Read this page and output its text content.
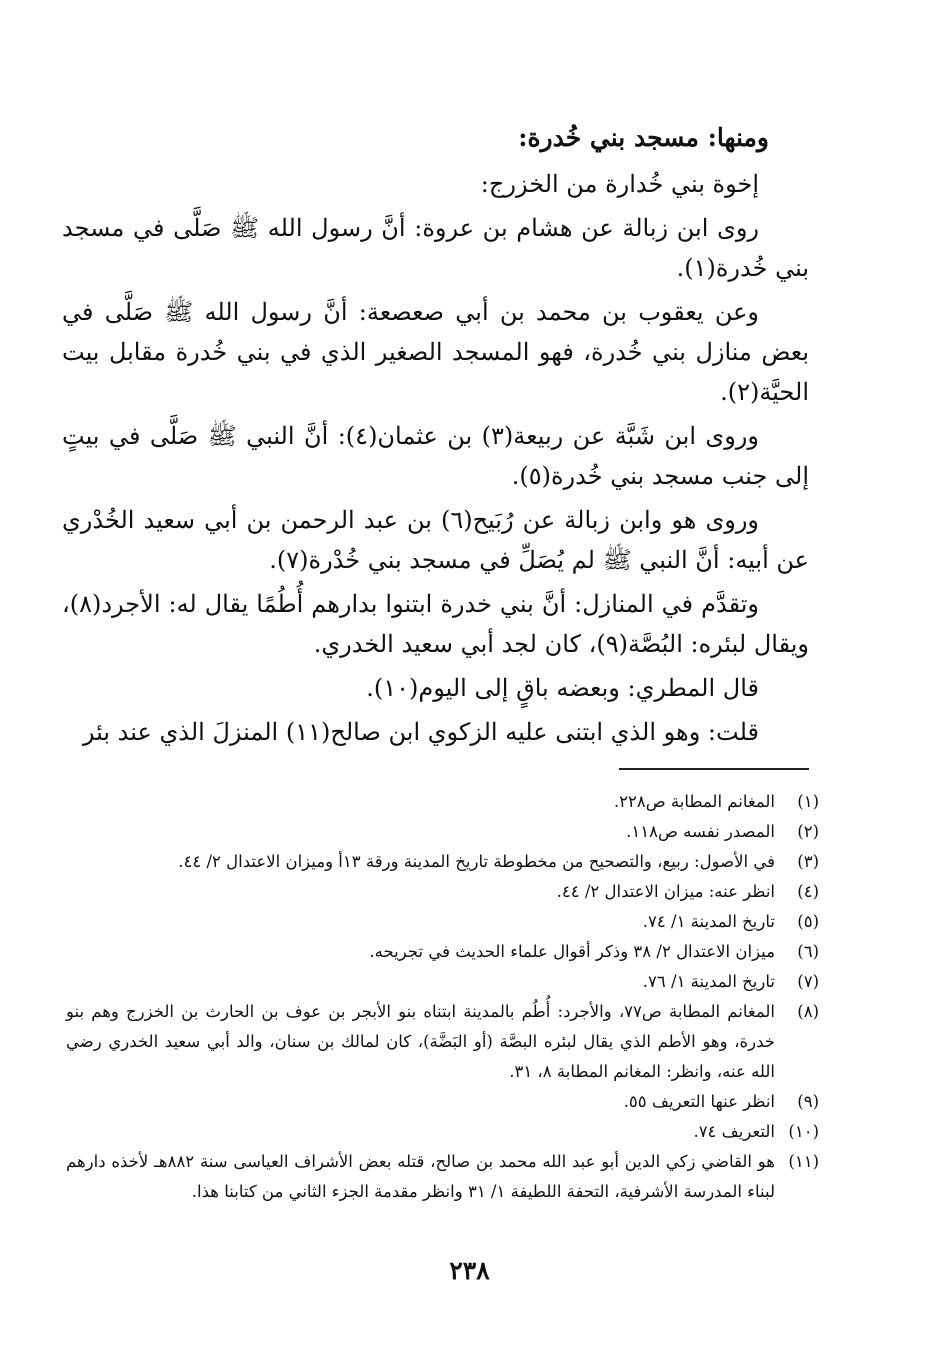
ومنها: مسجد بني خُدرة:

إخوة بني خُدارة من الخزرج:

روى ابن زبالة عن هشام بن عروة: أنَّ رسول الله ﷺ صَلَّى في مسجد بني خُدرة(١).

وعن يعقوب بن محمد بن أبي صعصعة: أنَّ رسول الله ﷺ صَلَّى في بعض منازل بني خُدرة، فهو المسجد الصغير الذي في بني خُدرة مقابل بيت الحيَّة(٢).

وروى ابن شَبَّة عن ربيعة(٣) بن عثمان(٤): أنَّ النبي ﷺ صَلَّى في بيتٍ إلى جنب مسجد بني خُدرة(٥).

وروى هو وابن زبالة عن رُبَيح(٦) بن عبد الرحمن بن أبي سعيد الخُدْري عن أبيه: أنَّ النبي ﷺ لم يُصَلِّ في مسجد بني خُدْرة(٧).

وتقدَّم في المنازل: أنَّ بني خدرة ابتنوا بدارهم أُطُمًا يقال له: الأجرد(٨)، ويقال لبئره: البُصَّة(٩)، كان لجد أبي سعيد الخدري.

قال المطري: وبعضه باقٍ إلى اليوم(١٠).

قلت: وهو الذي ابتنى عليه الزكوي ابن صالح(١١) المنزلَ الذي عند بئر

(١)
المغانم المطابة ص٢٢٨.
(٢)
المصدر نفسه ص١١٨.
(٣)
في الأصول: ربيع، والتصحيح من مخطوطة تاريخ المدينة ورقة ١٣أ وميزان الاعتدال ٢/ ٤٤.
(٤)
انظر عنه: ميزان الاعتدال ٢/ ٤٤.
(٥)
تاريخ المدينة ١/ ٧٤.
(٦)
ميزان الاعتدال ٢/ ٣٨ وذكر أقوال علماء الحديث في تجريحه.
(٧)
تاريخ المدينة ١/ ٧٦.
(٨)
المغانم المطابة ص٧٧، والأجرد: أُطُم بالمدينة ابتناه بنو الأبجر بن عوف بن الحارث بن الخزرج وهم بنو خدرة، وهو الأطم الذي يقال لبئره البصَّة (أو البَضَّة)، كان لمالك بن سنان، والد أبي سعيد الخدري رضي الله عنه، وانظر: المغانم المطابة ٨، ٣١.
(٩)
انظر عنها التعريف ٥٥.
(١٠)
التعريف ٧٤.
(١١)
هو القاضي زكي الدين أبو عبد الله محمد بن صالح، قتله بعض الأشراف العياسى سنة ٨٨٢هـ لأخذه دارهم لبناء المدرسة الأشرفية، التحفة اللطيفة ١/ ٣١ وانظر مقدمة الجزء الثاني من كتابنا هذا.
٢٣٨
